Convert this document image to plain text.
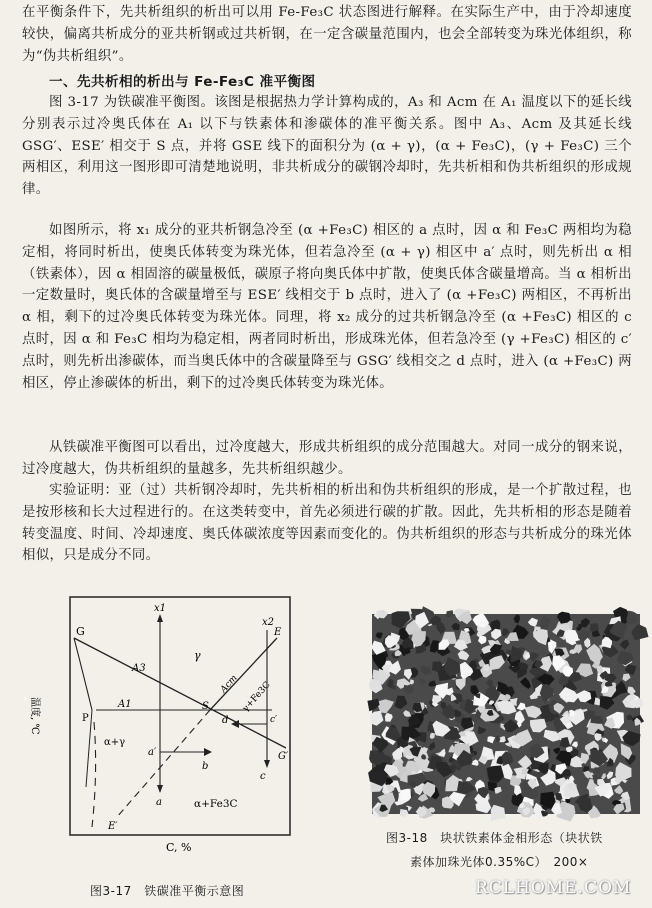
在平衡条件下，先共析组织的析出可以用 Fe-Fe₃C 状态图进行解释。在实际生产中，由于冷却速度较快，偏离共析成分的亚共析钢或过共析钢，在一定含碳量范围内，也会全部转变为珠光体组织，称为“伪共析组织”。

一、先共析相的析出与 Fe-Fe₃C 准平衡图

图 3-17 为铁碳准平衡图。该图是根据热力学计算构成的，A₃ 和 Acm 在 A₁ 温度以下的延长线分别表示过冷奥氏体在 A₁ 以下与铁素体和渗碳体的准平衡关系。图中 A₃、Acm 及其延长线 GSG′、ESE′ 相交于 S 点，并将 GSE 线下的面积分为 (α + γ)，(α + Fe₃C)，(γ + Fe₃C) 三个两相区，利用这一图形即可清楚地说明，非共析成分的碳钢冷却时，先共析相和伪共析组织的形成规律。

如图所示，将 x₁ 成分的亚共析钢急冷至 (α +Fe₃C) 相区的 a 点时，因 α 和 Fe₃C 两相均为稳定相，将同时析出，使奥氏体转变为珠光体，但若急冷至 (α + γ) 相区中 a′ 点时，则先析出 α 相（铁素体），因 α 相固溶的碳量极低，碳原子将向奥氏体中扩散，使奥氏体含碳量增高。当 α 相析出一定数量时，奥氏体的含碳量增至与 ESE′ 线相交于 b 点时，进入了 (α +Fe₃C) 两相区，不再析出 α 相，剩下的过冷奥氏体转变为珠光体。同理，将 x₂ 成分的过共析钢急冷至 (α +Fe₃C) 相区的 c 点时，因 α 和 Fe₃C 相均为稳定相，两者同时析出，形成珠光体，但若急冷至 (γ +Fe₃C) 相区的 c′ 点时，则先析出渗碳体，而当奥氏体中的含碳量降至与 GSG′ 线相交之 d 点时，进入 (α +Fe₃C) 两相区，停止渗碳体的析出，剩下的过冷奥氏体转变为珠光体。

从铁碳准平衡图可以看出，过冷度越大，形成共析组织的成分范围越大。对同一成分的钢来说，过冷度越大，伪共析组织的量越多，先共析组织越少。

实验证明：亚（过）共析钢冷却时，先共析相的析出和伪共析组织的形成，是一个扩散过程，也是按形核和长大过程进行的。在这类转变中，首先必须进行碳的扩散。因此，先共析相的形态是随着转变温度、时间、冷却速度、奥氏体碳浓度等因素而变化的。伪共析组织的形态与共析成分的珠光体相似，只是成分不同。

G
P
A3
A1	S
E
Acm
x1
x2
γ
α+γ
γ+Fe3C
α+Fe3C
a′
a
b
d	c′
c
G′
E′
温度, ℃
C, %
图3-17　铁碳准平衡示意图
图3-18　块状铁素体金相形态（块状铁
素体加珠光体0.35%C）　200×
RCLHOME.COM
